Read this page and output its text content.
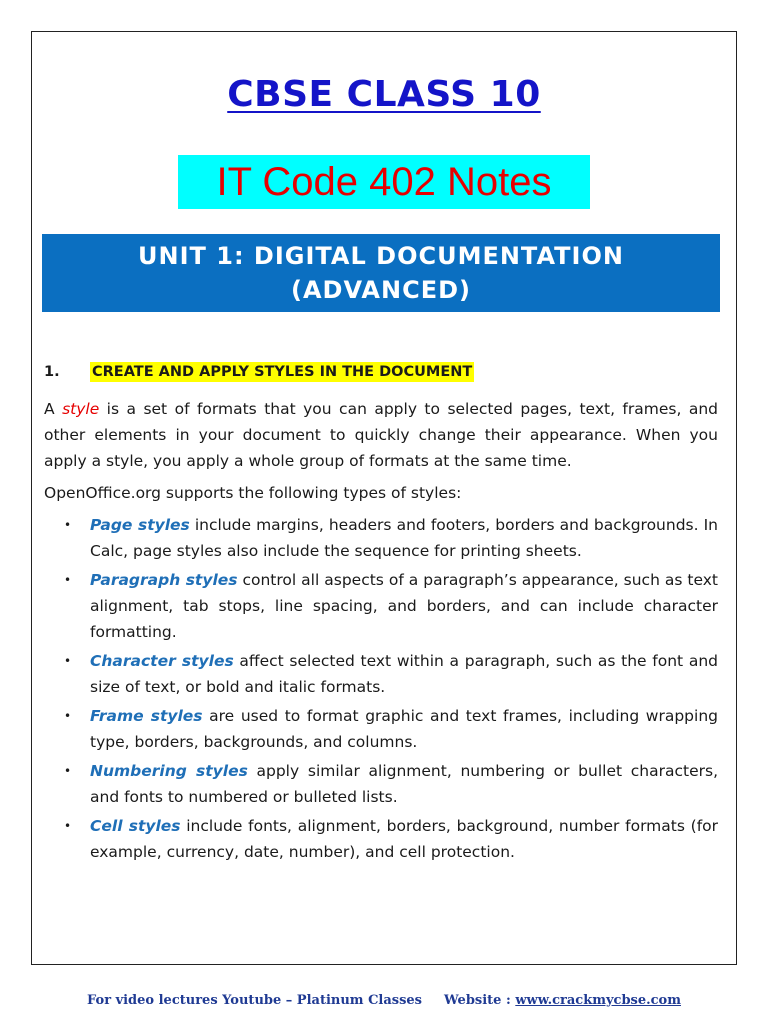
CBSE CLASS 10
IT Code 402 Notes
UNIT 1: DIGITAL DOCUMENTATION
(ADVANCED)
1. CREATE AND APPLY STYLES IN THE DOCUMENT

A style is a set of formats that you can apply to selected pages, text, frames, and other elements in your document to quickly change their appearance. When you apply a style, you apply a whole group of formats at the same time.

OpenOffice.org supports the following types of styles:

• Page styles include margins, headers and footers, borders and backgrounds. In Calc, page styles also include the sequence for printing sheets.
• Paragraph styles control all aspects of a paragraph’s appearance, such as text alignment, tab stops, line spacing, and borders, and can include character formatting.
• Character styles affect selected text within a paragraph, such as the font and size of text, or bold and italic formats.
• Frame styles are used to format graphic and text frames, including wrapping type, borders, backgrounds, and columns.
• Numbering styles apply similar alignment, numbering or bullet characters, and fonts to numbered or bulleted lists.
• Cell styles include fonts, alignment, borders, background, number formats (for example, currency, date, number), and cell protection.
For video lectures Youtube – Platinum Classes Website : www.crackmycbse.com
